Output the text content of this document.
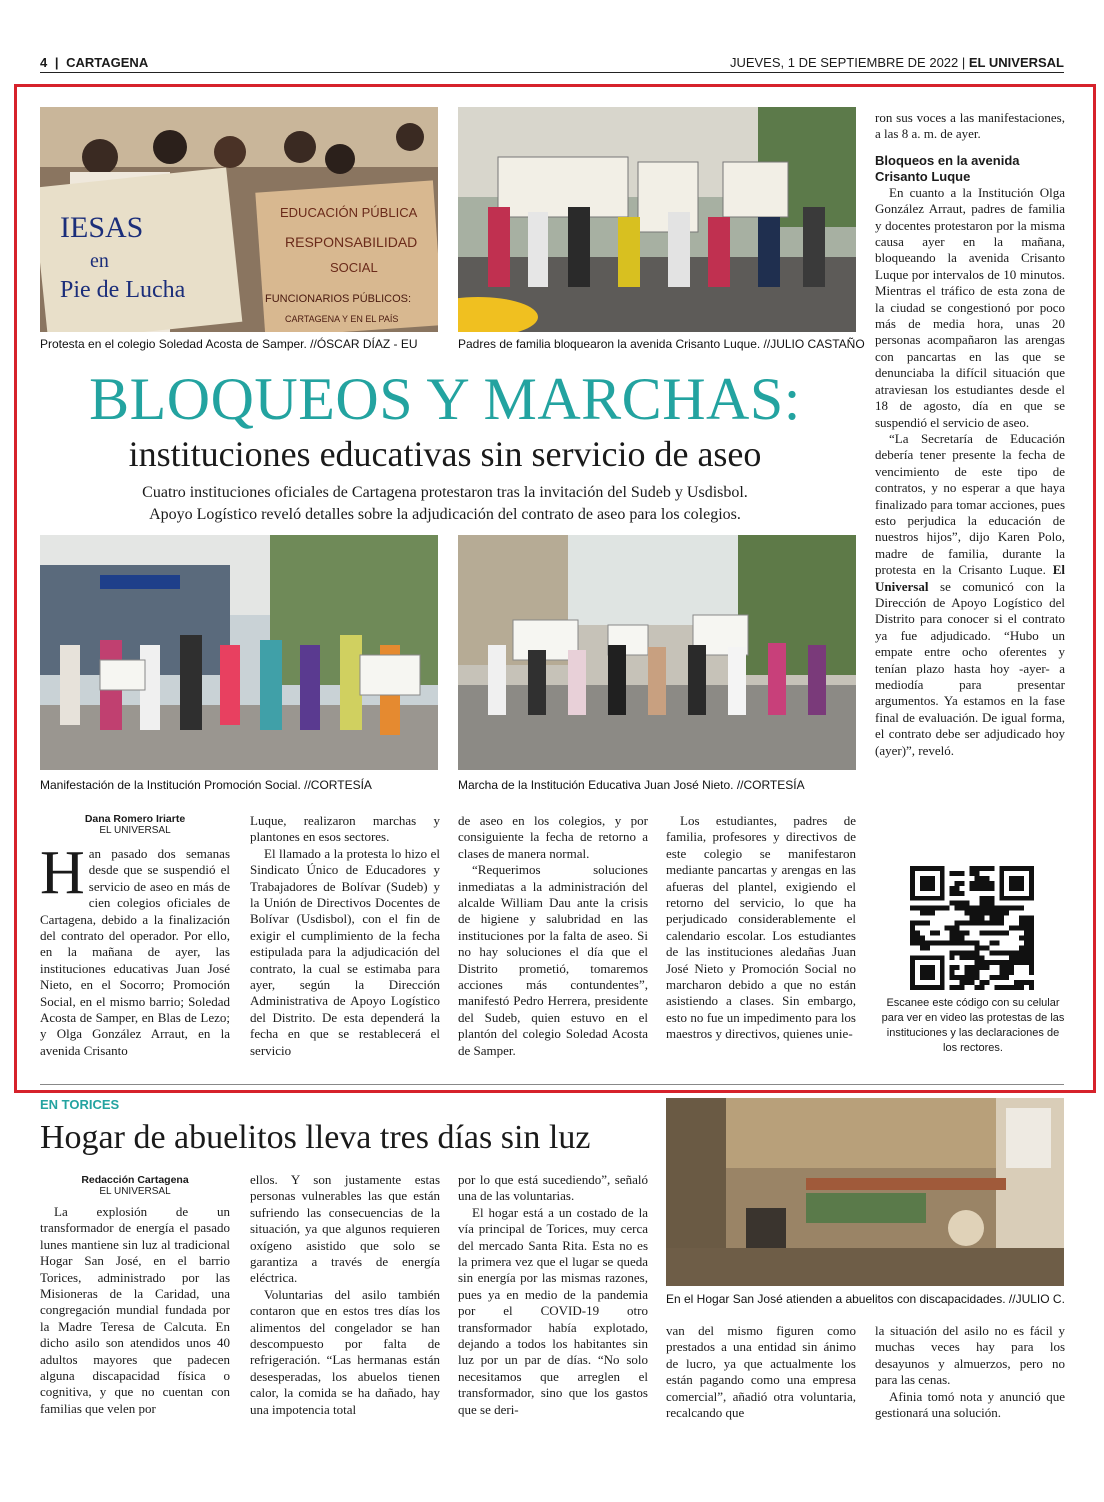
4 | CARTAGENA	JUEVES, 1 DE SEPTIEMBRE DE 2022 | EL UNIVERSAL
IESAS
en
Pie de Lucha
EDUCACIÓN PÚBLICA
RESPONSABILIDAD
SOCIAL
FUNCIONARIOS PÚBLICOS:
CARTAGENA Y EN EL PAÍS
Protesta en el colegio Soledad Acosta de Samper. //ÓSCAR DÍAZ - EU	Padres de familia bloquearon la avenida Crisanto Luque. //JULIO CASTAÑO

ron sus voces a las manifestaciones, a las 8 a. m. de ayer.

Bloqueos en la avenida Crisanto Luque

En cuanto a la Institución Olga González Arraut, padres de familia y docentes protestaron por la misma causa ayer en la mañana, bloqueando la avenida Crisanto Luque por intervalos de 10 minutos. Mientras el tráfico de esta zona de la ciudad se congestionó por poco más de media hora, unas 20 personas acompañaron las arengas con pancartas en las que se denunciaba la difícil situación que atraviesan los estudiantes desde el 18 de agosto, día en que se suspendió el servicio de aseo.

“La Secretaría de Educación debería tener presente la fecha de vencimiento de este tipo de contratos, y no esperar a que haya finalizado para tomar acciones, pues esto perjudica la educación de nuestros hijos”, dijo Karen Polo, madre de familia, durante la protesta en la Crisanto Luque. El Universal se comunicó con la Dirección de Apoyo Logístico del Distrito para conocer si el contrato ya fue adjudicado. “Hubo un empate entre ocho oferentes y tenían plazo hasta hoy -ayer- a mediodía para presentar argumentos. Ya estamos en la fase final de evaluación. De igual forma, el contrato debe ser adjudicado hoy (ayer)”, reveló.

BLOQUEOS Y MARCHAS:
instituciones educativas sin servicio de aseo
Cuatro instituciones oficiales de Cartagena protestaron tras la invitación del Sudeb y Usdisbol.
Apoyo Logístico reveló detalles sobre la adjudicación del contrato de aseo para los colegios.
Manifestación de la Institución Promoción Social. //CORTESÍA	Marcha de la Institución Educativa Juan José Nieto. //CORTESÍA
Dana Romero Iriarte
EL UNIVERSAL

Han pasado dos semanas desde que se suspendió el servicio de aseo en más de cien colegios oficiales de Cartagena, debido a la finalización del contrato del operador. Por ello, en la mañana de ayer, las instituciones educativas Juan José Nieto, en el Socorro; Promoción Social, en el mismo barrio; Soledad Acosta de Samper, en Blas de Lezo; y Olga González Arraut, en la avenida Crisanto

Luque, realizaron marchas y plantones en esos sectores.

El llamado a la protesta lo hizo el Sindicato Único de Educadores y Trabajadores de Bolívar (Sudeb) y la Unión de Directivos Docentes de Bolívar (Usdisbol), con el fin de exigir el cumplimiento de la fecha estipulada para la adjudicación del contrato, la cual se estimaba para ayer, según la Dirección Administrativa de Apoyo Logístico del Distrito. De esta dependerá la fecha en que se restablecerá el servicio

de aseo en los colegios, y por consiguiente la fecha de retorno a clases de manera normal.

“Requerimos soluciones inmediatas a la administración del alcalde William Dau ante la crisis de higiene y salubridad en las instituciones por la falta de aseo. Si no hay soluciones el día que el Distrito prometió, tomaremos acciones más contundentes”, manifestó Pedro Herrera, presidente del Sudeb, quien estuvo en el plantón del colegio Soledad Acosta de Samper.

Los estudiantes, padres de familia, profesores y directivos de este colegio se manifestaron mediante pancartas y arengas en las afueras del plantel, exigiendo el retorno del servicio, lo que ha perjudicado considerablemente el calendario escolar. Los estudiantes de las instituciones aledañas Juan José Nieto y Promoción Social no marcharon debido a que no están asistiendo a clases. Sin embargo, esto no fue un impedimento para los maestros y directivos, quienes unie-

Escanee este código con su celular para ver en video las protestas de las instituciones y las declaraciones de los rectores.
EN TORICES
Hogar de abuelitos lleva tres días sin luz
Redacción Cartagena
EL UNIVERSAL

La explosión de un transformador de energía el pasado lunes mantiene sin luz al tradicional Hogar San José, en el barrio Torices, administrado por las Misioneras de la Caridad, una congregación mundial fundada por la Madre Teresa de Calcuta. En dicho asilo son atendidos unos 40 adultos mayores que padecen alguna discapacidad física o cognitiva, y que no cuentan con familias que velen por

ellos. Y son justamente estas personas vulnerables las que están sufriendo las consecuencias de la situación, ya que algunos requieren oxígeno asistido que solo se garantiza a través de energía eléctrica.

Voluntarias del asilo también contaron que en estos tres días los alimentos del congelador se han descompuesto por falta de refrigeración. “Las hermanas están desesperadas, los abuelos tienen calor, la comida se ha dañado, hay una impotencia total

por lo que está sucediendo”, señaló una de las voluntarias.

El hogar está a un costado de la vía principal de Torices, muy cerca del mercado Santa Rita. Esta no es la primera vez que el lugar se queda sin energía por las mismas razones, pues ya en medio de la pandemia por el COVID-19 otro transformador había explotado, dejando a todos los habitantes sin luz por un par de días. “No solo necesitamos que arreglen el transformador, sino que los gastos que se deri-

En el Hogar San José atienden a abuelitos con discapacidades. //JULIO C.

van del mismo figuren como prestados a una entidad sin ánimo de lucro, ya que actualmente los están pagando como una empresa comercial”, añadió otra voluntaria, recalcando que

la situación del asilo no es fácil y muchas veces hay para los desayunos y almuerzos, pero no para las cenas.

Afinia tomó nota y anunció que gestionará una solución.
